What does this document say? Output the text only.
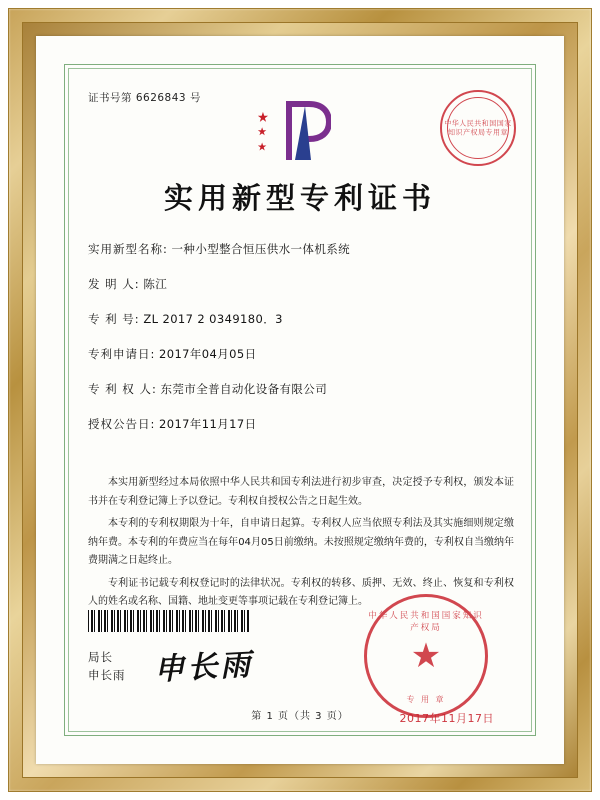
证书号第 6626843 号
中华人民共和国国家知识产权局专用章
实用新型专利证书
实用新型名称: 一种小型整合恒压供水一体机系统
发 明 人: 陈江
专 利 号: ZL 2017 2 0349180．3
专利申请日: 2017年04月05日
专 利 权 人: 东莞市全普自动化设备有限公司
授权公告日: 2017年11月17日

本实用新型经过本局依照中华人民共和国专利法进行初步审查，决定授予专利权，颁发本证书并在专利登记簿上予以登记。专利权自授权公告之日起生效。

本专利的专利权期限为十年，自申请日起算。专利权人应当依照专利法及其实施细则规定缴纳年费。本专利的年费应当在每年04月05日前缴纳。未按照规定缴纳年费的，专利权自当缴纳年费期满之日起终止。

专利证书记载专利权登记时的法律状况。专利权的转移、质押、无效、终止、恢复和专利权人的姓名或名称、国籍、地址变更等事项记载在专利登记簿上。

局长
申长雨 申长雨
中华人民共和国国家知识产权局
★
专 用 章
2017年11月17日
第 1 页（共 3 页）
